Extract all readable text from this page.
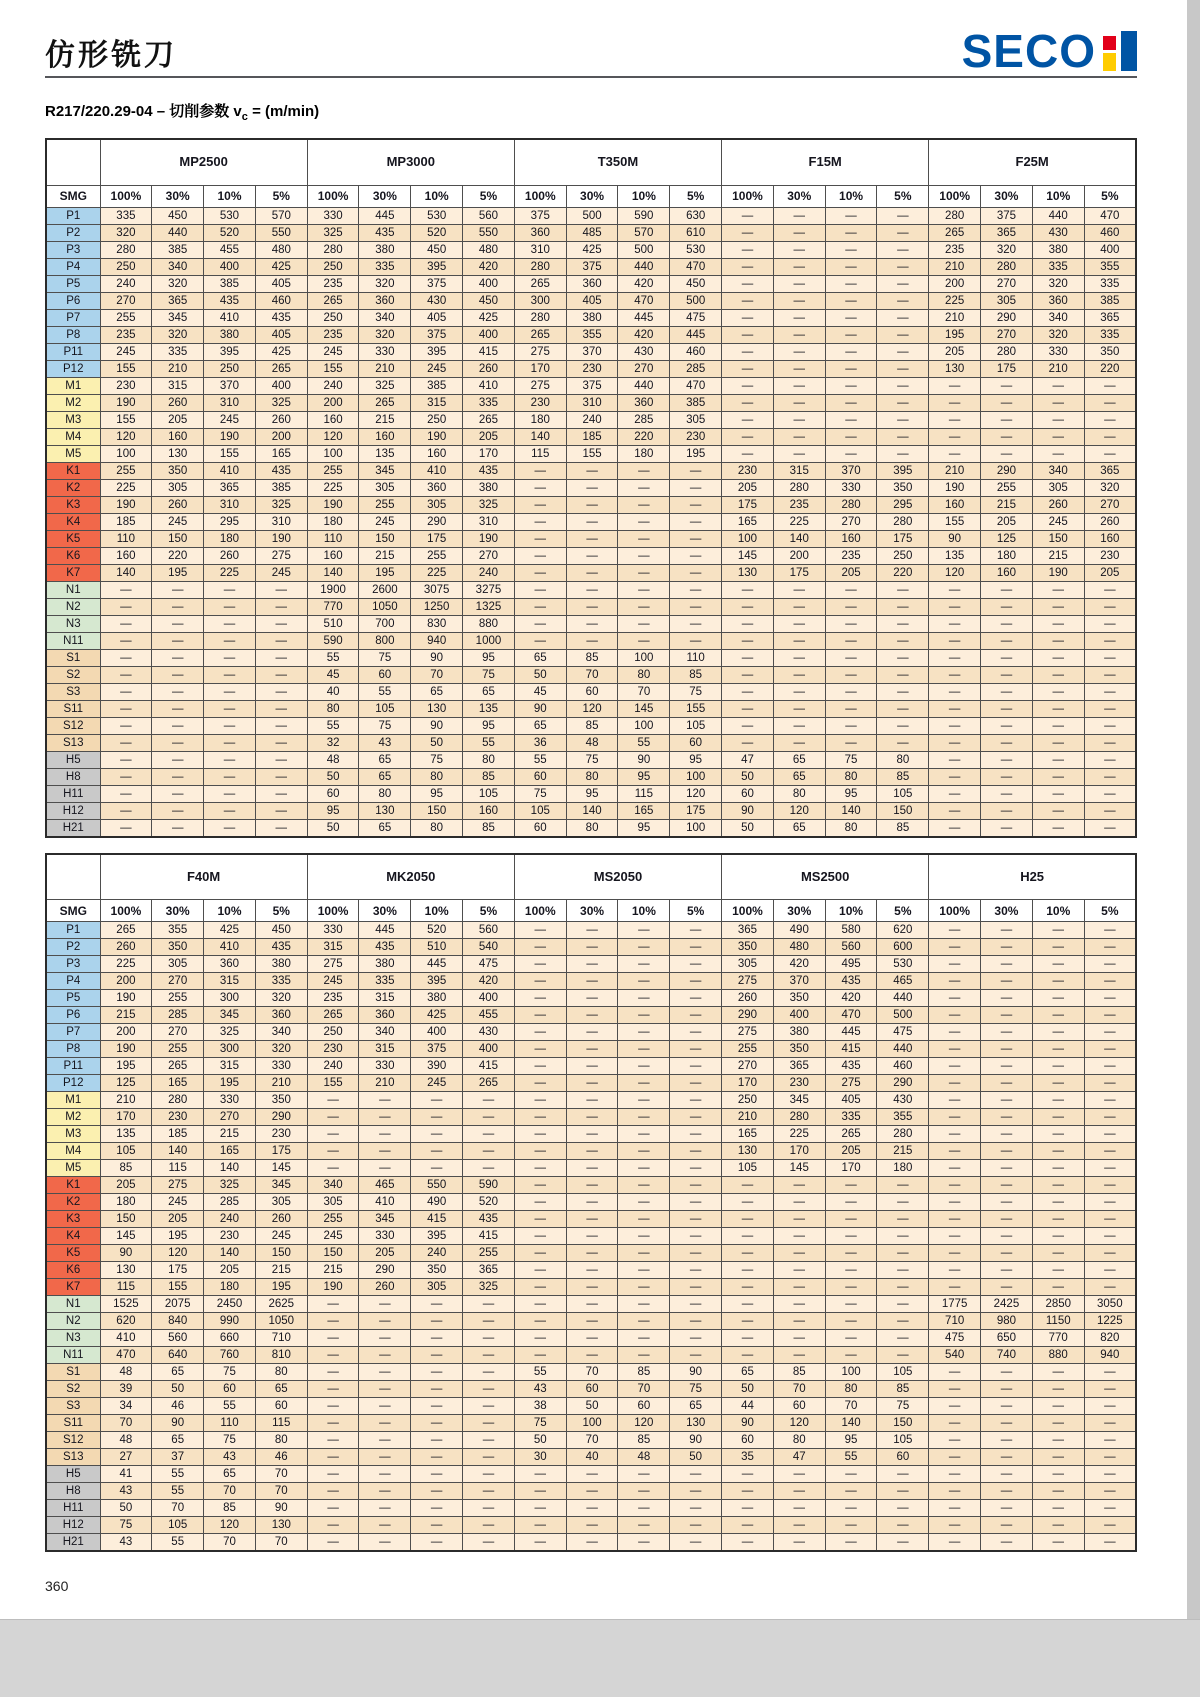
仿形铣刀	SECO
R217/220.29-04 – 切削参数 $v_c = (m/\min)$
	MP2500				MP3000				T350M				F15M				F25M			
SMG	100%	30%	10%	5%	100%	30%	10%	5%	100%	30%	10%	5%	100%	30%	10%	5%	100%	30%	10%	5%
P1	335	450	530	570	330	445	530	560	375	500	590	630	—	—	—	—	280	375	440	470
P2	320	440	520	550	325	435	520	550	360	485	570	610	—	—	—	—	265	365	430	460
P3	280	385	455	480	280	380	450	480	310	425	500	530	—	—	—	—	235	320	380	400
P4	250	340	400	425	250	335	395	420	280	375	440	470	—	—	—	—	210	280	335	355
P5	240	320	385	405	235	320	375	400	265	360	420	450	—	—	—	—	200	270	320	335
P6	270	365	435	460	265	360	430	450	300	405	470	500	—	—	—	—	225	305	360	385
P7	255	345	410	435	250	340	405	425	280	380	445	475	—	—	—	—	210	290	340	365
P8	235	320	380	405	235	320	375	400	265	355	420	445	—	—	—	—	195	270	320	335
P11	245	335	395	425	245	330	395	415	275	370	430	460	—	—	—	—	205	280	330	350
P12	155	210	250	265	155	210	245	260	170	230	270	285	—	—	—	—	130	175	210	220
M1	230	315	370	400	240	325	385	410	275	375	440	470	—	—	—	—	—	—	—	—
M2	190	260	310	325	200	265	315	335	230	310	360	385	—	—	—	—	—	—	—	—
M3	155	205	245	260	160	215	250	265	180	240	285	305	—	—	—	—	—	—	—	—
M4	120	160	190	200	120	160	190	205	140	185	220	230	—	—	—	—	—	—	—	—
M5	100	130	155	165	100	135	160	170	115	155	180	195	—	—	—	—	—	—	—	—
K1	255	350	410	435	255	345	410	435	—	—	—	—	230	315	370	395	210	290	340	365
K2	225	305	365	385	225	305	360	380	—	—	—	—	205	280	330	350	190	255	305	320
K3	190	260	310	325	190	255	305	325	—	—	—	—	175	235	280	295	160	215	260	270
K4	185	245	295	310	180	245	290	310	—	—	—	—	165	225	270	280	155	205	245	260
K5	110	150	180	190	110	150	175	190	—	—	—	—	100	140	160	175	90	125	150	160
K6	160	220	260	275	160	215	255	270	—	—	—	—	145	200	235	250	135	180	215	230
K7	140	195	225	245	140	195	225	240	—	—	—	—	130	175	205	220	120	160	190	205
N1	—	—	—	—	1900	2600	3075	3275	—	—	—	—	—	—	—	—	—	—	—	—
N2	—	—	—	—	770	1050	1250	1325	—	—	—	—	—	—	—	—	—	—	—	—
N3	—	—	—	—	510	700	830	880	—	—	—	—	—	—	—	—	—	—	—	—
N11	—	—	—	—	590	800	940	1000	—	—	—	—	—	—	—	—	—	—	—	—
S1	—	—	—	—	55	75	90	95	65	85	100	110	—	—	—	—	—	—	—	—
S2	—	—	—	—	45	60	70	75	50	70	80	85	—	—	—	—	—	—	—	—
S3	—	—	—	—	40	55	65	65	45	60	70	75	—	—	—	—	—	—	—	—
S11	—	—	—	—	80	105	130	135	90	120	145	155	—	—	—	—	—	—	—	—
S12	—	—	—	—	55	75	90	95	65	85	100	105	—	—	—	—	—	—	—	—
S13	—	—	—	—	32	43	50	55	36	48	55	60	—	—	—	—	—	—	—	—
H5	—	—	—	—	48	65	75	80	55	75	90	95	47	65	75	80	—	—	—	—
H8	—	—	—	—	50	65	80	85	60	80	95	100	50	65	80	85	—	—	—	—
H11	—	—	—	—	60	80	95	105	75	95	115	120	60	80	95	105	—	—	—	—
H12	—	—	—	—	95	130	150	160	105	140	165	175	90	120	140	150	—	—	—	—
H21	—	—	—	—	50	65	80	85	60	80	95	100	50	65	80	85	—	—	—	—
	F40M				MK2050				MS2050				MS2500				H25			
SMG	100%	30%	10%	5%	100%	30%	10%	5%	100%	30%	10%	5%	100%	30%	10%	5%	100%	30%	10%	5%
P1	265	355	425	450	330	445	520	560	—	—	—	—	365	490	580	620	—	—	—	—
P2	260	350	410	435	315	435	510	540	—	—	—	—	350	480	560	600	—	—	—	—
P3	225	305	360	380	275	380	445	475	—	—	—	—	305	420	495	530	—	—	—	—
P4	200	270	315	335	245	335	395	420	—	—	—	—	275	370	435	465	—	—	—	—
P5	190	255	300	320	235	315	380	400	—	—	—	—	260	350	420	440	—	—	—	—
P6	215	285	345	360	265	360	425	455	—	—	—	—	290	400	470	500	—	—	—	—
P7	200	270	325	340	250	340	400	430	—	—	—	—	275	380	445	475	—	—	—	—
P8	190	255	300	320	230	315	375	400	—	—	—	—	255	350	415	440	—	—	—	—
P11	195	265	315	330	240	330	390	415	—	—	—	—	270	365	435	460	—	—	—	—
P12	125	165	195	210	155	210	245	265	—	—	—	—	170	230	275	290	—	—	—	—
M1	210	280	330	350	—	—	—	—	—	—	—	—	250	345	405	430	—	—	—	—
M2	170	230	270	290	—	—	—	—	—	—	—	—	210	280	335	355	—	—	—	—
M3	135	185	215	230	—	—	—	—	—	—	—	—	165	225	265	280	—	—	—	—
M4	105	140	165	175	—	—	—	—	—	—	—	—	130	170	205	215	—	—	—	—
M5	85	115	140	145	—	—	—	—	—	—	—	—	105	145	170	180	—	—	—	—
K1	205	275	325	345	340	465	550	590	—	—	—	—	—	—	—	—	—	—	—	—
K2	180	245	285	305	305	410	490	520	—	—	—	—	—	—	—	—	—	—	—	—
K3	150	205	240	260	255	345	415	435	—	—	—	—	—	—	—	—	—	—	—	—
K4	145	195	230	245	245	330	395	415	—	—	—	—	—	—	—	—	—	—	—	—
K5	90	120	140	150	150	205	240	255	—	—	—	—	—	—	—	—	—	—	—	—
K6	130	175	205	215	215	290	350	365	—	—	—	—	—	—	—	—	—	—	—	—
K7	115	155	180	195	190	260	305	325	—	—	—	—	—	—	—	—	—	—	—	—
N1	1525	2075	2450	2625	—	—	—	—	—	—	—	—	—	—	—	—	1775	2425	2850	3050
N2	620	840	990	1050	—	—	—	—	—	—	—	—	—	—	—	—	710	980	1150	1225
N3	410	560	660	710	—	—	—	—	—	—	—	—	—	—	—	—	475	650	770	820
N11	470	640	760	810	—	—	—	—	—	—	—	—	—	—	—	—	540	740	880	940
S1	48	65	75	80	—	—	—	—	55	70	85	90	65	85	100	105	—	—	—	—
S2	39	50	60	65	—	—	—	—	43	60	70	75	50	70	80	85	—	—	—	—
S3	34	46	55	60	—	—	—	—	38	50	60	65	44	60	70	75	—	—	—	—
S11	70	90	110	115	—	—	—	—	75	100	120	130	90	120	140	150	—	—	—	—
S12	48	65	75	80	—	—	—	—	50	70	85	90	60	80	95	105	—	—	—	—
S13	27	37	43	46	—	—	—	—	30	40	48	50	35	47	55	60	—	—	—	—
H5	41	55	65	70	—	—	—	—	—	—	—	—	—	—	—	—	—	—	—	—
H8	43	55	70	70	—	—	—	—	—	—	—	—	—	—	—	—	—	—	—	—
H11	50	70	85	90	—	—	—	—	—	—	—	—	—	—	—	—	—	—	—	—
H12	75	105	120	130	—	—	—	—	—	—	—	—	—	—	—	—	—	—	—	—
H21	43	55	70	70	—	—	—	—	—	—	—	—	—	—	—	—	—	—	—	—
360
